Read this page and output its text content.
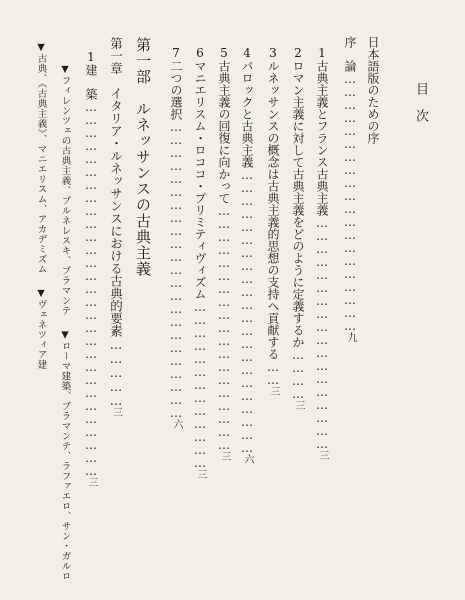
目次
日本語版のための序
序　論……………………………………………………九
1古典主義とフランス古典主義………………………………………………三
2ロマン主義に対して古典主義をどのように定義するか…………三
3ルネッサンスの概念は古典主義的思想の支持へ貢献する……三
4バロックと古典主義…………………………………………………………六
5古典主義の回復に向かって…………………………………………………三
6マニエリスム・ロココ・プリミティヴィズム…………………………………三
7二つの選択……………………………………………………………六
第一部　ルネッサンスの古典主義
第一章　イタリア・ルネッサンスにおける古典的要素……………三
1建　築……………………………………………………………………………三
▼フィレンツェの古典主義、ブルネレスキ、ブラマンテ▼ローマ建築、ブラマンテ、ラファエロ、サン・ガルロ
▼古典、《古典主義》、マニエリスム、アカデミズム▼ヴェネツィア建
